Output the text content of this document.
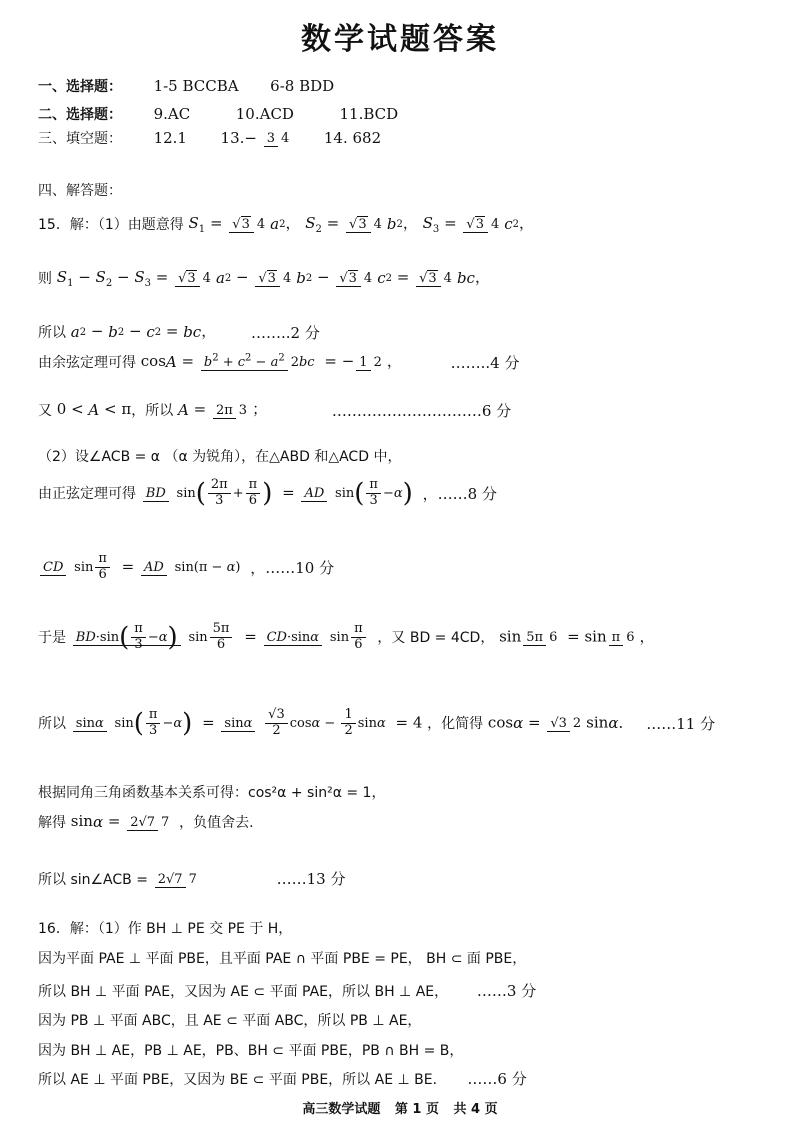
数学试题答案
一、选择题： 1-5 BCCBA 6-8 BDD
二、选择题： 9.AC	10.ACD	11.BCD
三、填空题： 12.1 13.− 3 4 14. 682
四、解答题：
15．解：（1）由题意得 $S_1 = √3$ 4 a2， $S_2 = √3$ 4 b2， $S_3 = √3$ 4 c2，
则 $S_1 - S_2 - S_3 = √3$ 4 a2 − √3 4 b2 − √3 4 c2 = √3 4 bc，
所以 a2 − b2 − c2 = bc， ……..2 分
由余弦定理可得 $\cos A = b^2 + c^2 - a^2$ 2bc = − 1 2 ，	……..4 分
又 0 < A < π，所以 A = 2π 3 ；	…………………………6 分
（2）设∠ACB = α （α 为锐角），在△ABD 和△ACD 中，
由正弦定理可得 BD $\sin( \frac{2\pi}{3} + \frac{\pi}{6}$ ) = AD $\sin( \frac{\pi}{3} -\alpha)$ ，……8 分
CD $\sin \frac{\pi}{6}$ = AD sin(π − α) ，……10 分
于是 $BD\cdot\sin( \frac{\pi}{3} -\alpha)$ $\sin \frac{5\pi}{6} = CD\cdot\sin\alpha$ $\sin \frac{\pi}{6}$ ，又 BD = 4CD， sin 5π 6 = sin π 6 ，
所以 sinα $\sin( \frac{\pi}{3} -\alpha) = \sin\alpha \frac{√3}{2}$ $\cos\alpha - \frac{1}{2}$ sinα = 4 ，化简得 cosα = √3 2 sinα． ……11 分
根据同角三角函数基本关系可得：cos²α + sin²α = 1，
解得 sinα = 2√7 7 ，负值舍去.
所以 sin∠ACB = 2√7 7	……13 分
16．解：（1）作 BH ⊥ PE 交 PE 于 H，
因为平面 PAE ⊥ 平面 PBE，且平面 PAE ∩ 平面 PBE = PE， BH ⊂ 面 PBE，
所以 BH ⊥ 平面 PAE，又因为 AE ⊂ 平面 PAE，所以 BH ⊥ AE， ……3 分
因为 PB ⊥ 平面 ABC，且 AE ⊂ 平面 ABC，所以 PB ⊥ AE，
因为 BH ⊥ AE，PB ⊥ AE，PB、BH ⊂ 平面 PBE，PB ∩ BH = B，
所以 AE ⊥ 平面 PBE，又因为 BE ⊂ 平面 PBE，所以 AE ⊥ BE． ……6 分
高三数学试题 第 1 页 共 4 页
